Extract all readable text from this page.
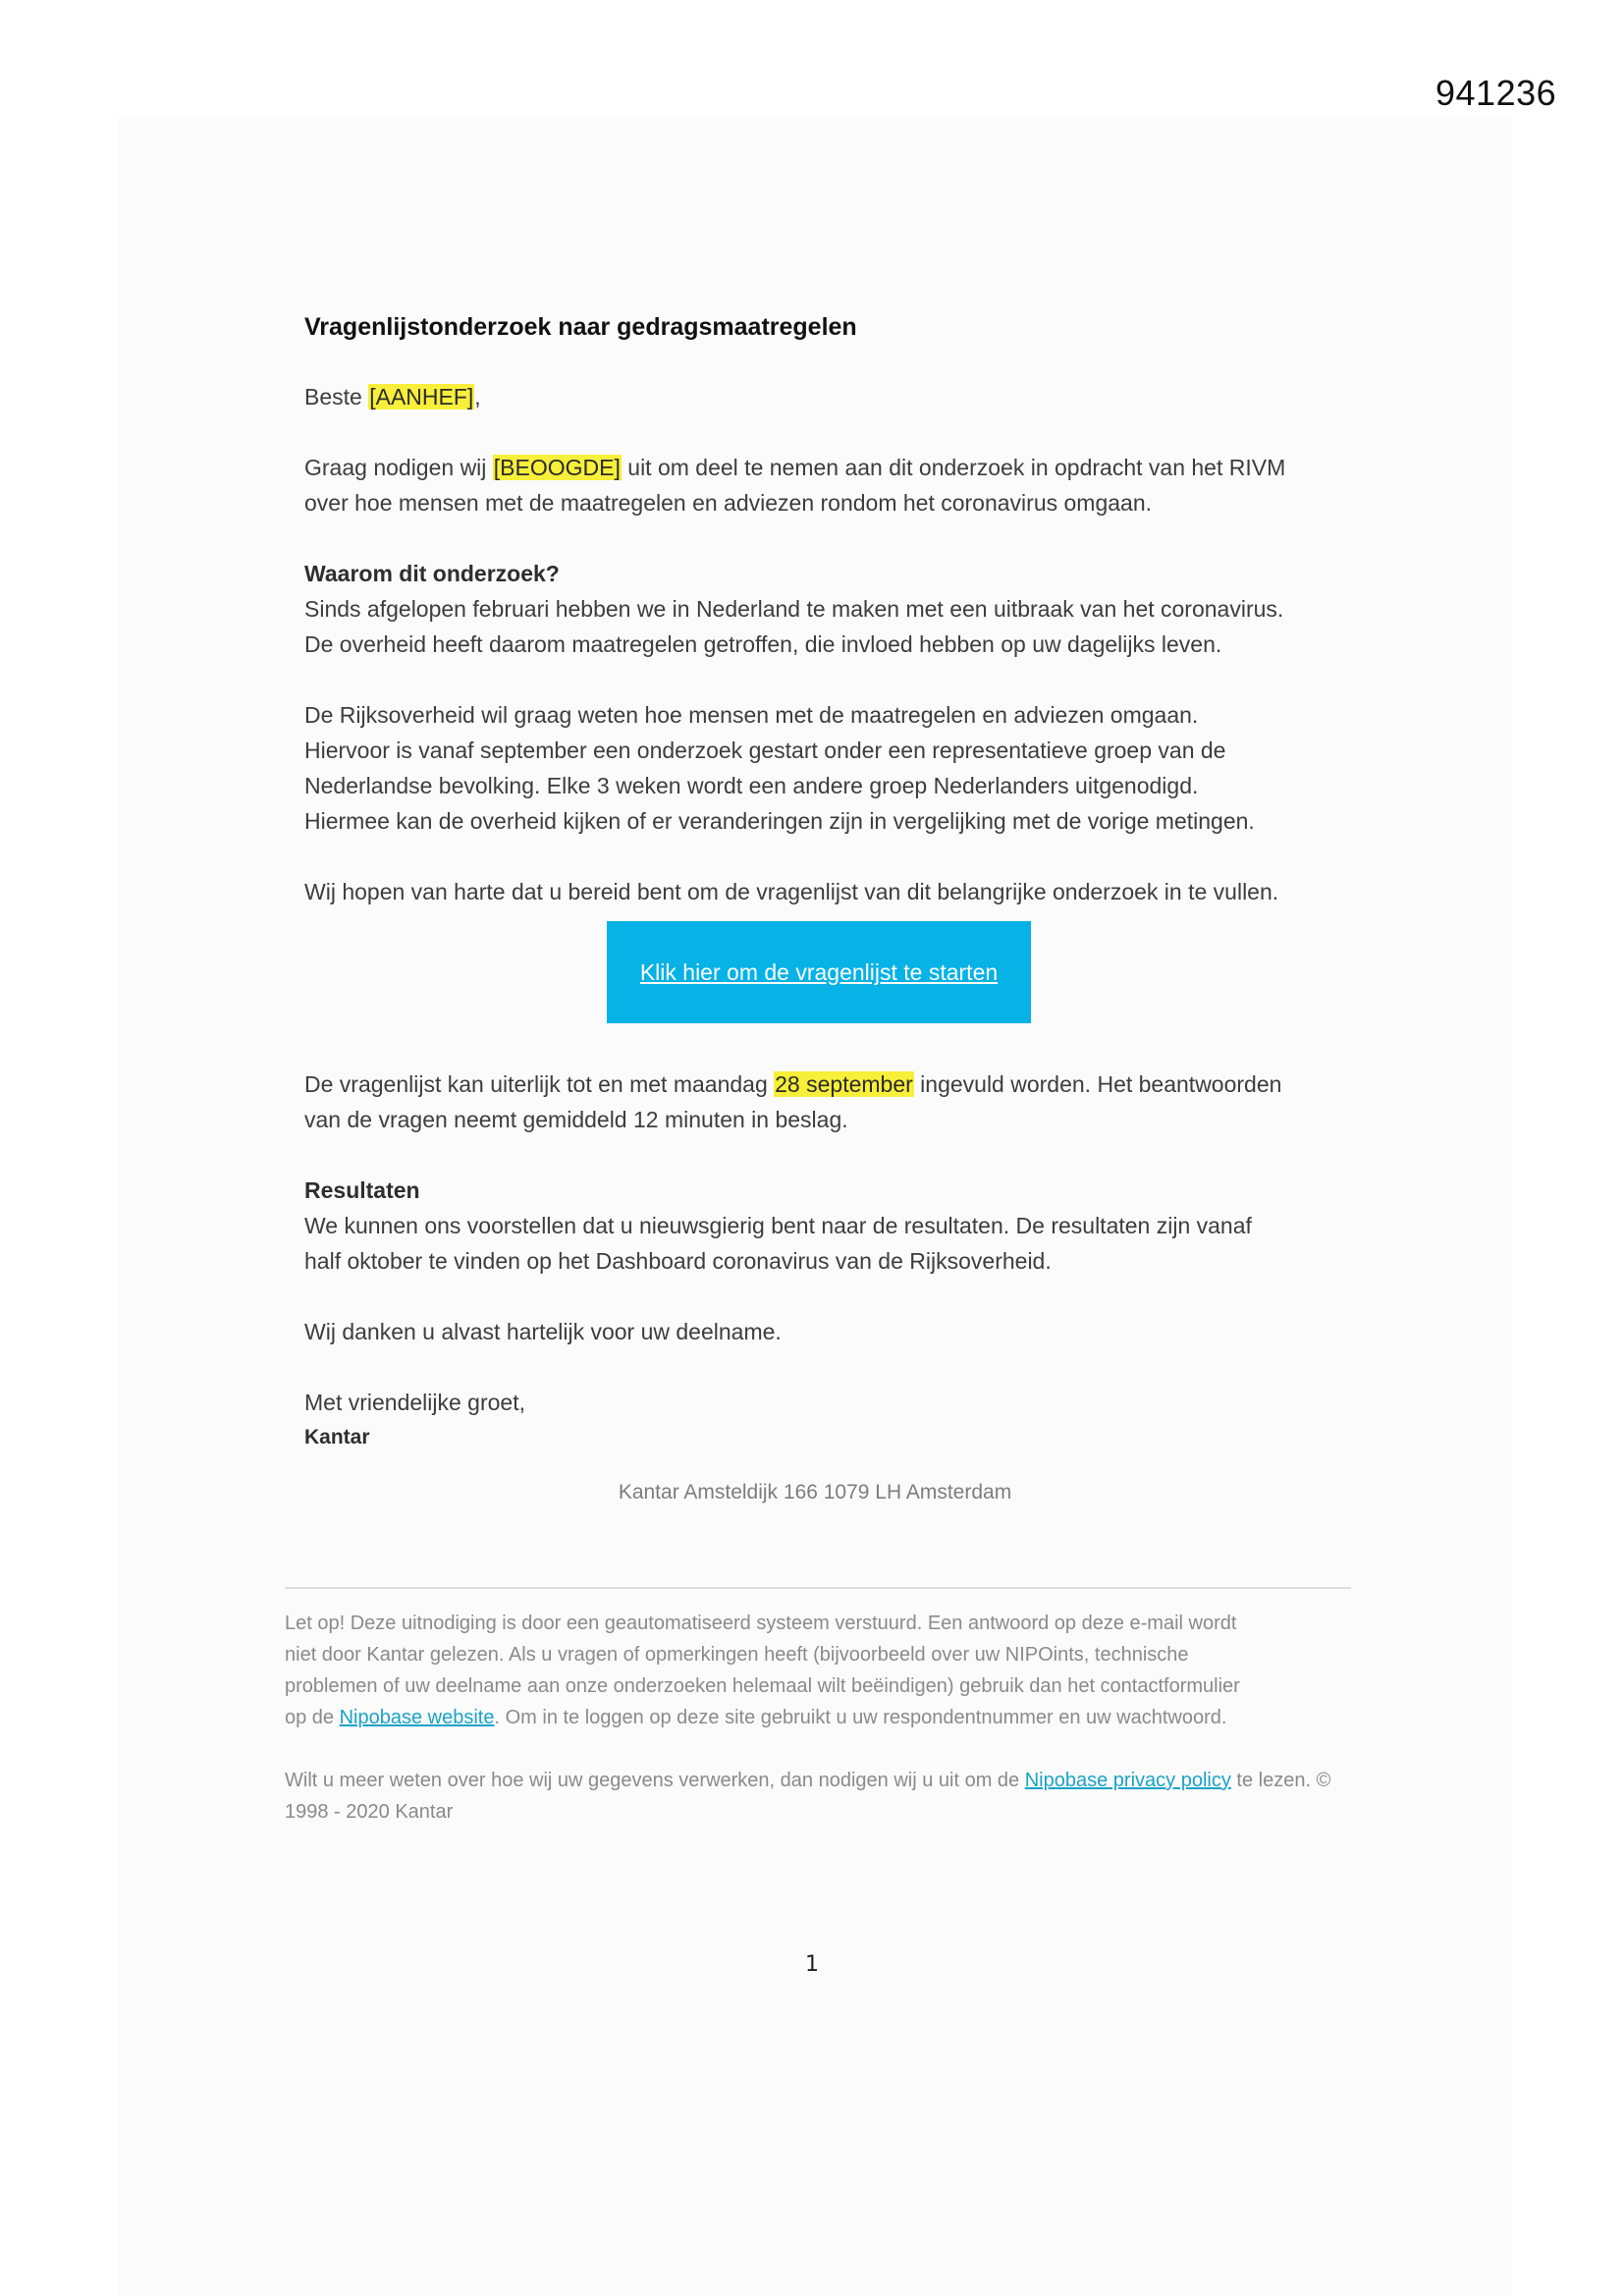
941236
Vragenlijstonderzoek naar gedragsmaatregelen
Beste [AANHEF],
Graag nodigen wij [BEOOGDE] uit om deel te nemen aan dit onderzoek in opdracht van het RIVM
over hoe mensen met de maatregelen en adviezen rondom het coronavirus omgaan.
Waarom dit onderzoek?
Sinds afgelopen februari hebben we in Nederland te maken met een uitbraak van het coronavirus.
De overheid heeft daarom maatregelen getroffen, die invloed hebben op uw dagelijks leven.
De Rijksoverheid wil graag weten hoe mensen met de maatregelen en adviezen omgaan.
Hiervoor is vanaf september een onderzoek gestart onder een representatieve groep van de
Nederlandse bevolking. Elke 3 weken wordt een andere groep Nederlanders uitgenodigd.
Hiermee kan de overheid kijken of er veranderingen zijn in vergelijking met de vorige metingen.
Wij hopen van harte dat u bereid bent om de vragenlijst van dit belangrijke onderzoek in te vullen.
Klik hier om de vragenlijst te starten
De vragenlijst kan uiterlijk tot en met maandag 28 september ingevuld worden. Het beantwoorden
van de vragen neemt gemiddeld 12 minuten in beslag.
Resultaten
We kunnen ons voorstellen dat u nieuwsgierig bent naar de resultaten. De resultaten zijn vanaf
half oktober te vinden op het Dashboard coronavirus van de Rijksoverheid.
Wij danken u alvast hartelijk voor uw deelname.
Met vriendelijke groet,
Kantar
Kantar Amsteldijk 166 1079 LH Amsterdam
Let op! Deze uitnodiging is door een geautomatiseerd systeem verstuurd. Een antwoord op deze e-mail wordt
niet door Kantar gelezen. Als u vragen of opmerkingen heeft (bijvoorbeeld over uw NIPOints, technische
problemen of uw deelname aan onze onderzoeken helemaal wilt beëindigen) gebruik dan het contactformulier
op de Nipobase website. Om in te loggen op deze site gebruikt u uw respondentnummer en uw wachtwoord.
Wilt u meer weten over hoe wij uw gegevens verwerken, dan nodigen wij u uit om de Nipobase privacy policy te lezen. © 1998 - 2020 Kantar
1
